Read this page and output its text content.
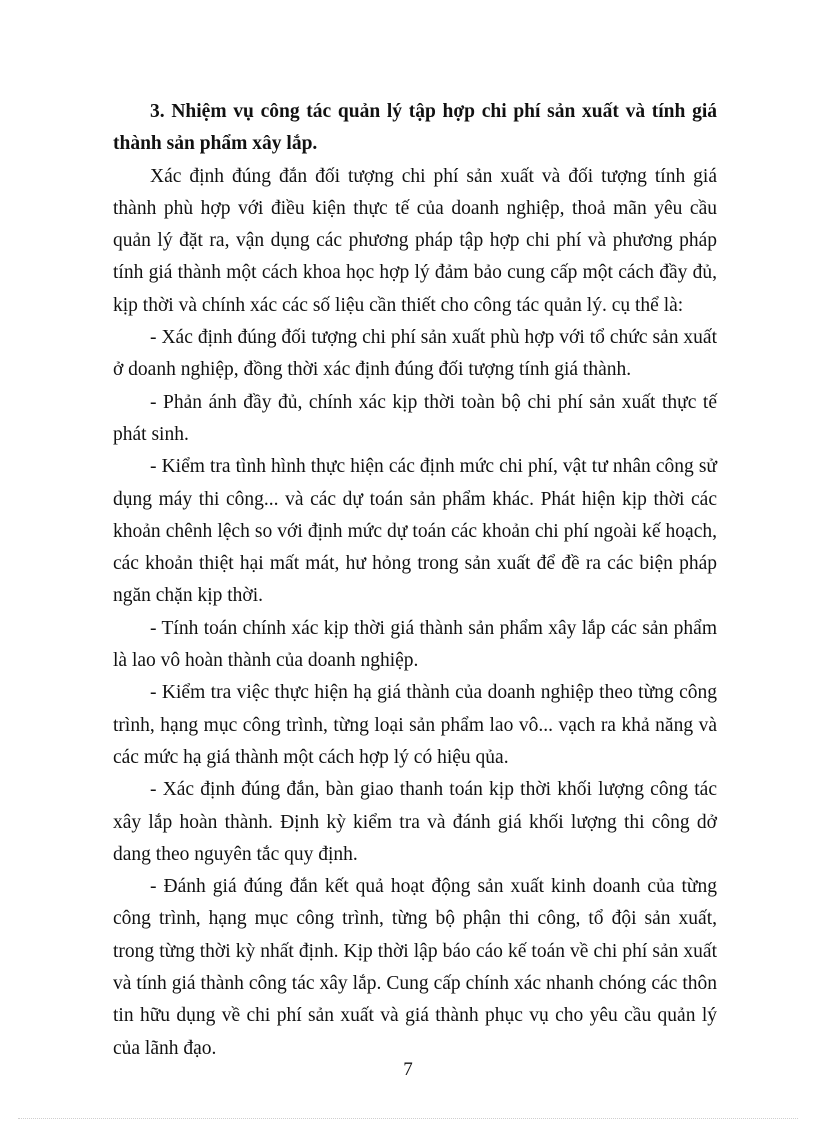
3. Nhiệm vụ công tác quản lý tập hợp chi phí sản xuất và tính giá thành sản phẩm xây lắp.

Xác định đúng đắn đối tượng chi phí sản xuất và đối tượng tính giá thành phù hợp với điều kiện thực tế của doanh nghiệp, thoả mãn yêu cầu quản lý đặt ra, vận dụng các phương pháp tập hợp chi phí và phương pháp tính giá thành một cách khoa học hợp lý đảm bảo cung cấp một cách đầy đủ, kịp thời và chính xác các số liệu cần thiết cho công tác quản lý. cụ thể là:

- Xác định đúng đối tượng chi phí sản xuất phù hợp với tổ chức sản xuất ở doanh nghiệp, đồng thời xác định đúng đối tượng tính giá thành.

- Phản ánh đầy đủ, chính xác kịp thời toàn bộ chi phí sản xuất thực tế phát sinh.

- Kiểm tra tình hình thực hiện các định mức chi phí, vật tư nhân công sử dụng máy thi công... và các dự toán sản phẩm khác. Phát hiện kịp thời các khoản chênh lệch so với định mức dự toán các khoản chi phí ngoài kế hoạch, các khoản thiệt hại mất mát, hư hỏng trong sản xuất để đề ra các biện pháp ngăn chặn kịp thời.

- Tính toán chính xác kịp thời giá thành sản phẩm xây lắp các sản phẩm là lao vô hoàn thành của doanh nghiệp.

- Kiểm tra việc thực hiện hạ giá thành của doanh nghiệp theo từng công trình, hạng mục công trình, từng loại sản phẩm lao vô... vạch ra khả năng và các mức hạ giá thành một cách hợp lý có hiệu qủa.

- Xác định đúng đắn, bàn giao thanh toán kịp thời khối lượng công tác xây lắp hoàn thành. Định kỳ kiểm tra và đánh giá khối lượng thi công dở dang theo nguyên tắc quy định.

- Đánh giá đúng đắn kết quả hoạt động sản xuất kinh doanh của từng công trình, hạng mục công trình, từng bộ phận thi công, tổ đội sản xuất, trong từng thời kỳ nhất định. Kịp thời lập báo cáo kế toán về chi phí sản xuất và tính giá thành công tác xây lắp. Cung cấp chính xác nhanh chóng các thôn tin hữu dụng về chi phí sản xuất và giá thành phục vụ cho yêu cầu quản lý của lãnh đạo.

7
